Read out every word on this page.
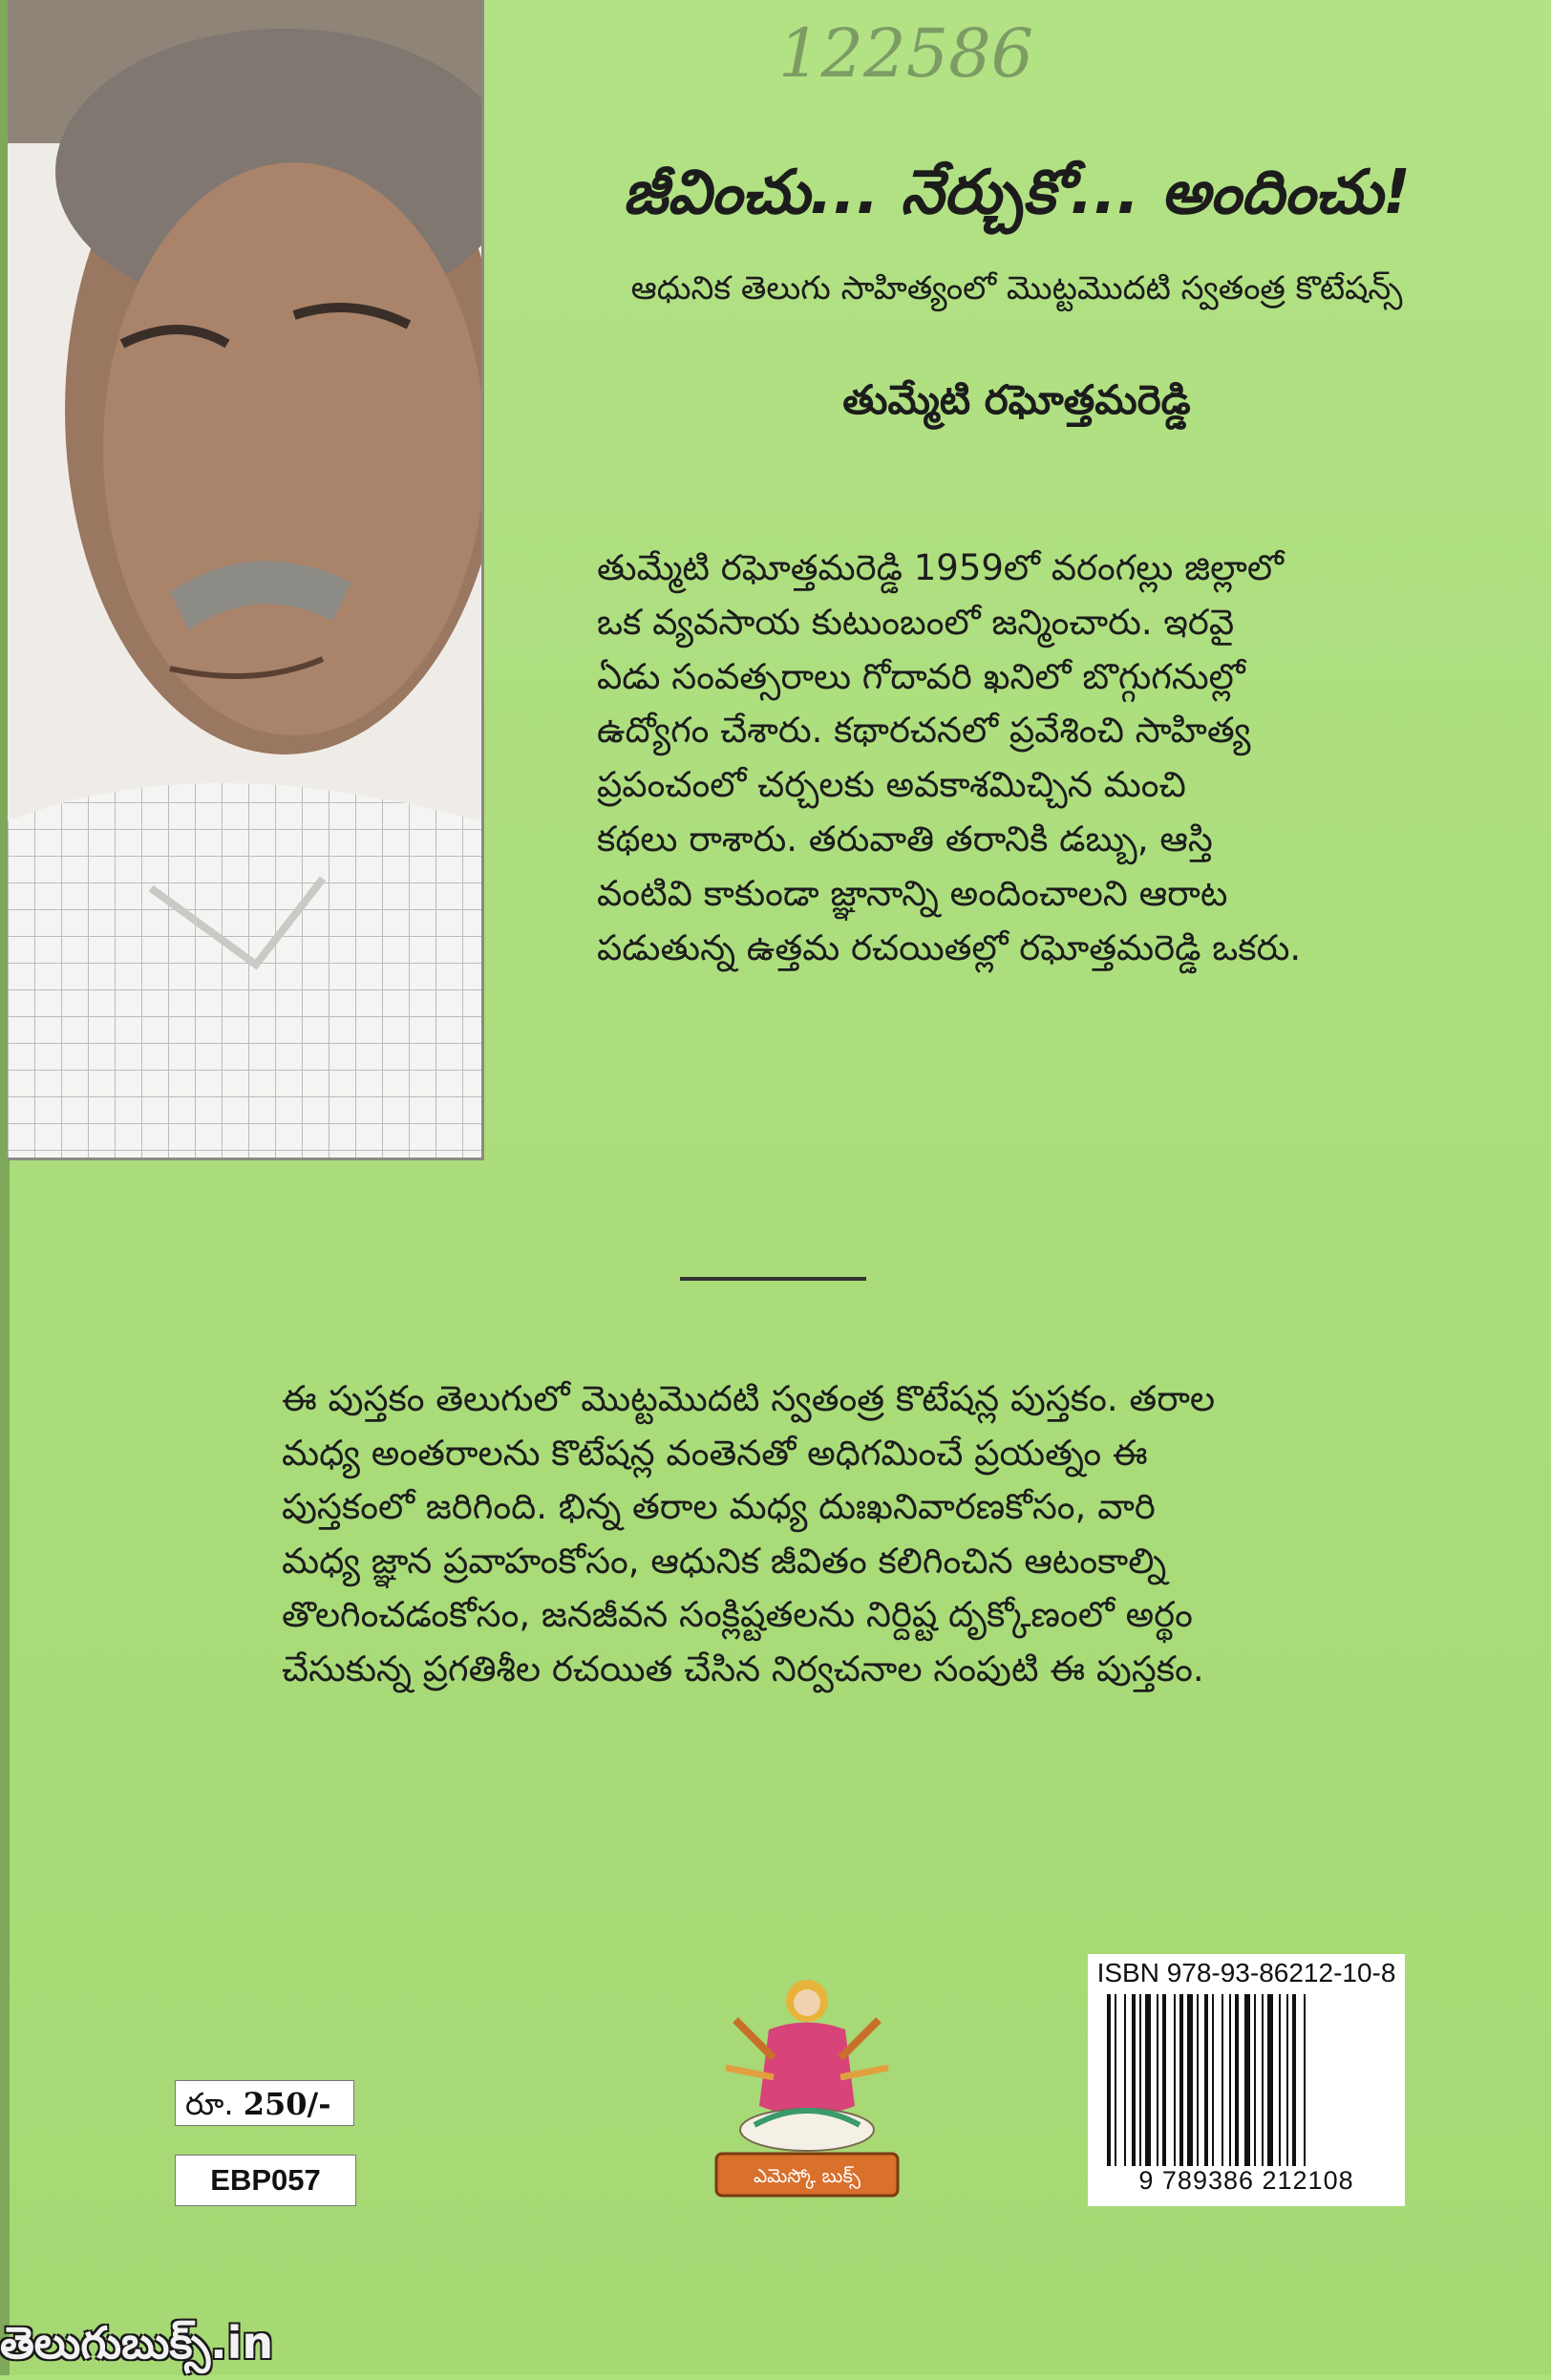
122586
జీవించు... నేర్చుకో... అందించు!
ఆధునిక తెలుగు సాహిత్యంలో మొట్టమొదటి స్వతంత్ర కొటేషన్స్
తుమ్మేటి రఘోత్తమరెడ్డి
తుమ్మేటి రఘోత్తమరెడ్డి 1959లో వరంగల్లు జిల్లాలో
ఒక వ్యవసాయ కుటుంబంలో జన్మించారు. ఇరవై
ఏడు సంవత్సరాలు గోదావరి ఖనిలో బొగ్గుగనుల్లో
ఉద్యోగం చేశారు. కథారచనలో ప్రవేశించి సాహిత్య
ప్రపంచంలో చర్చలకు అవకాశమిచ్చిన మంచి
కథలు రాశారు. తరువాతి తరానికి డబ్బు, ఆస్తి
వంటివి కాకుండా జ్ఞానాన్ని అందించాలని ఆరాట
పడుతున్న ఉత్తమ రచయితల్లో రఘోత్తమరెడ్డి ఒకరు.
ఈ పుస్తకం తెలుగులో మొట్టమొదటి స్వతంత్ర కొటేషన్ల పుస్తకం. తరాల
మధ్య అంతరాలను కొటేషన్ల వంతెనతో అధిగమించే ప్రయత్నం ఈ
పుస్తకంలో జరిగింది. భిన్న తరాల మధ్య దుఃఖనివారణకోసం, వారి
మధ్య జ్ఞాన ప్రవాహంకోసం, ఆధునిక జీవితం కలిగించిన ఆటంకాల్ని
తొలగించడంకోసం, జనజీవన సంక్లిష్టతలను నిర్దిష్ట దృక్కోణంలో అర్థం
చేసుకున్న ప్రగతిశీల రచయిత చేసిన నిర్వచనాల సంపుటి ఈ పుస్తకం.
రూ. 250/-
EBP057	ఎమెస్కో బుక్స్
ISBN 978-93-86212-10-8
9 789386 212108
తెలుగుబుక్స్.in
